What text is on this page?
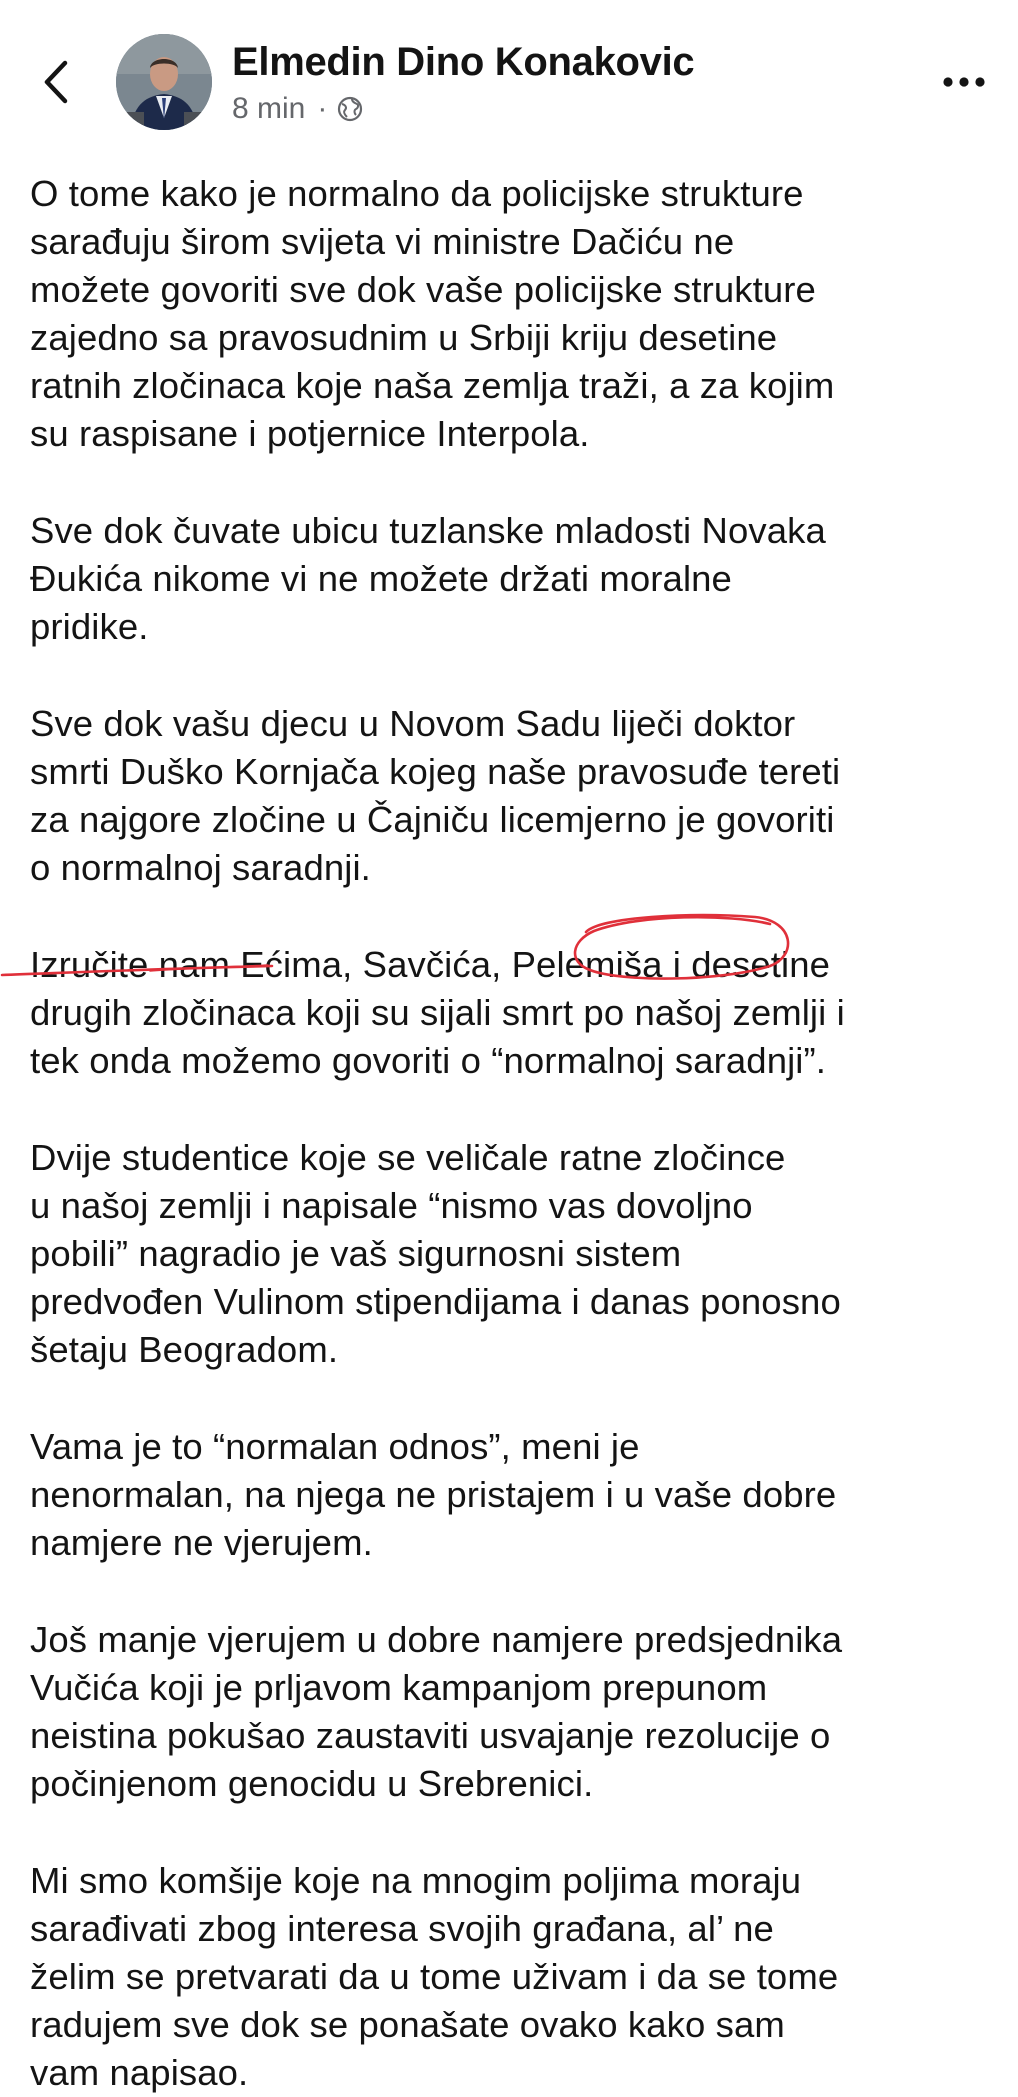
Elmedin Dino Konakovic
8 min ·
O tome kako je normalno da policijske strukture
sarađuju širom svijeta vi ministre Dačiću ne
možete govoriti sve dok vaše policijske strukture
zajedno sa pravosudnim u Srbiji kriju desetine
ratnih zločinaca koje naša zemlja traži, a za kojim
su raspisane i potjernice Interpola.
Sve dok čuvate ubicu tuzlanske mladosti Novaka
Đukića nikome vi ne možete držati moralne
pridike.
Sve dok vašu djecu u Novom Sadu liječi doktor
smrti Duško Kornjača kojeg naše pravosuđe tereti
za najgore zločine u Čajniču licemjerno je govoriti
o normalnoj saradnji.
Izručite nam Ećima, Savčića, Pelemiša i desetine
drugih zločinaca koji su sijali smrt po našoj zemlji i
tek onda možemo govoriti o “normalnoj saradnji”.
Dvije studentice koje se veličale ratne zločince
u našoj zemlji i napisale “nismo vas dovoljno
pobili” nagradio je vaš sigurnosni sistem
predvođen Vulinom stipendijama i danas ponosno
šetaju Beogradom.
Vama je to “normalan odnos”, meni je
nenormalan, na njega ne pristajem i u vaše dobre
namjere ne vjerujem.
Još manje vjerujem u dobre namjere predsjednika
Vučića koji je prljavom kampanjom prepunom
neistina pokušao zaustaviti usvajanje rezolucije o
počinjenom genocidu u Srebrenici.
Mi smo komšije koje na mnogim poljima moraju
sarađivati zbog interesa svojih građana, al’ ne
želim se pretvarati da u tome uživam i da se tome
radujem sve dok se ponašate ovako kako sam
vam napisao.
